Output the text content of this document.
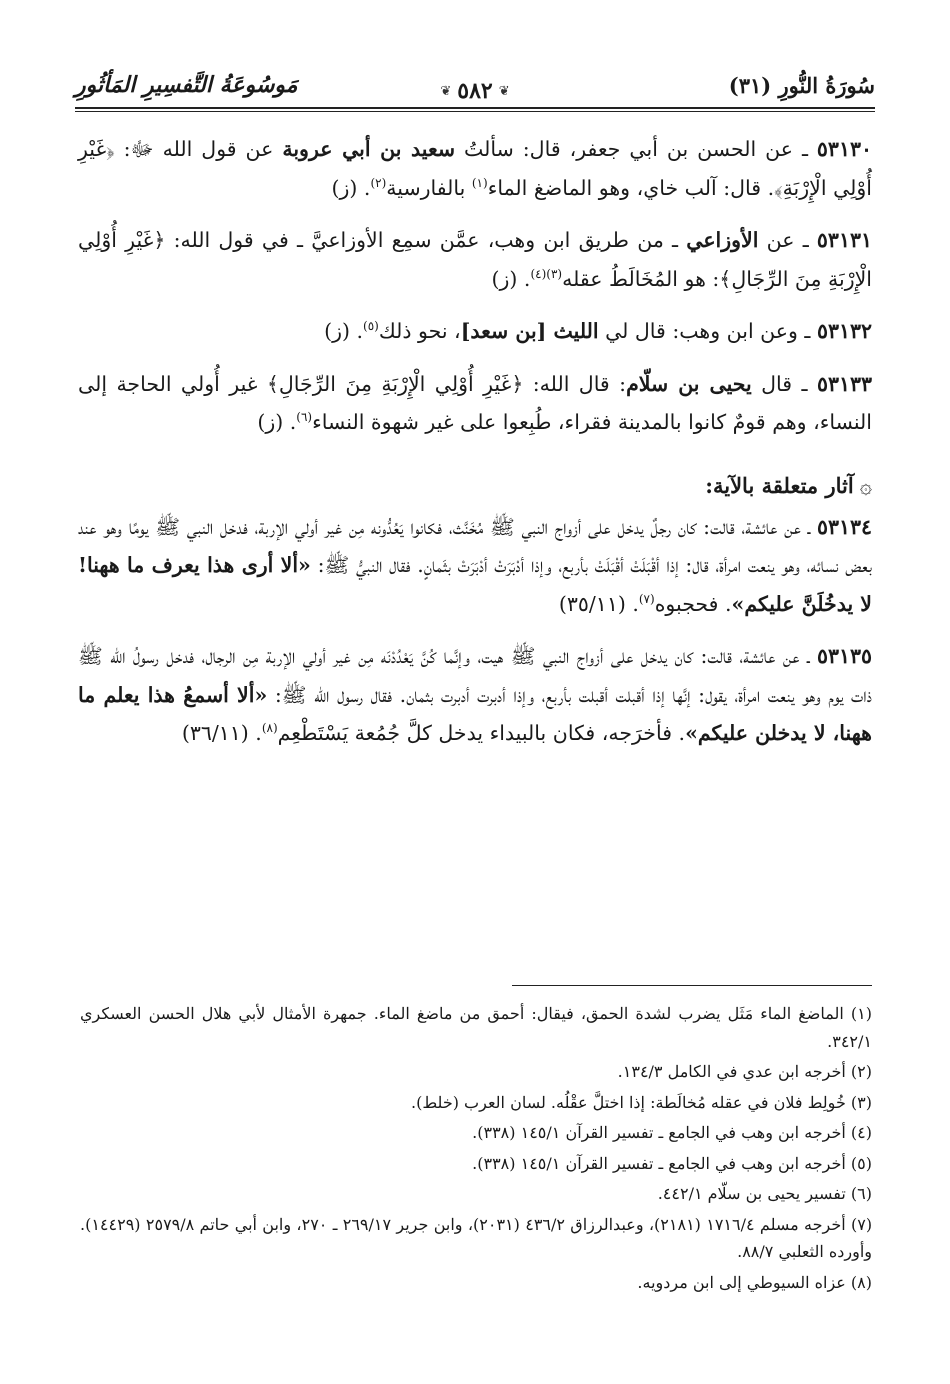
سُورَةُ النُّورِ (٣١)
❦
٥٨٢
❦
مَوسُوعَةُ التَّفسِيرِ المَأثُورِ

٥٣١٣٠ ـ عن الحسن بن أبي جعفر، قال: سألتُ سعيد بن أبي عروبة عن قول الله ﷻ: ﴿غَيْرِ أُوْلِي الْإِرْبَةِ﴾. قال: آلب خاي، وهو الماضغ الماء$^{(١)}$ بالفارسية$^{(٢)}$. (ز)

٥٣١٣١ ـ عن الأوزاعي ـ من طريق ابن وهب، عمَّن سمِع الأوزاعيَّ ـ في قول الله: ﴿غَيْرِ أُوْلِي الْإِرْبَةِ مِنَ الرِّجَالِ﴾: هو المُخَالَطُ عقله$^{(٣)(٤)}$. (ز)

٥٣١٣٢ ـ وعن ابن وهب: قال لي الليث [بن سعد]، نحو ذلك$^{(٥)}$. (ز)

٥٣١٣٣ ـ قال يحيى بن سلّام: قال الله: ﴿غَيْرِ أُوْلِي الْإِرْبَةِ مِنَ الرِّجَالِ﴾ غير أُولي الحاجة إلى النساء، وهم قومٌ كانوا بالمدينة فقراء، طُبِعوا على غير شهوة النساء$^{(٦)}$. (ز)

۞آثار متعلقة بالآية:

٥٣١٣٤ ـ عن عائشة، قالت: كان رجلٌ يدخل على أزواج النبي ﷺ مُخَنَّث، فكانوا يَعُدُّونه مِن غير أولي الإربة، فدخل النبي ﷺ يومًا وهو عند بعض نسائه، وهو ينعت امرأة، قال: إذا أقْبَلَتْ أقْبَلَتْ بأربع، وإذا أدْبَرَتْ أدْبَرَتْ بثَمانٍ. فقال النبيُّ ﷺ: «ألا أرى هذا يعرف ما ههنا! لا يدخُلَنَّ عليكم». فحجبوه$^{(٧)}$. (٣٥/١١)

٥٣١٣٥ ـ عن عائشة، قالت: كان يدخل على أزواج النبي ﷺ هيت، وإنَّما كُنَّ يَعْدُدْنَه مِن غير أولي الإربة مِن الرجال، فدخل رسولُ الله ﷺ ذات يوم وهو ينعت امرأة، يقول: إنَّها إذا أقبلت أقبلت بأربع، وإذا أدبرت أدبرت بثمان. فقال رسول الله ﷺ: «ألا أسمعُ هذا يعلم ما ههنا، لا يدخلن عليكم». فأخرَجه، فكان بالبيداء يدخل كلَّ جُمُعة يَسْتَطْعِم$^{(٨)}$. (٣٦/١١)

(١) الماضغ الماء مَثَل يضرب لشدة الحمق، فيقال: أحمق من ماضغ الماء. جمهرة الأمثال لأبي هلال الحسن العسكري ٣٤٢/١.

(٢) أخرجه ابن عدي في الكامل ١٣٤/٣.

(٣) خُولِط فلان في عقله مُخالَطة: إذا اختلَّ عقْلُه. لسان العرب (خلط).

(٤) أخرجه ابن وهب في الجامع ـ تفسير القرآن ١٤٥/١ (٣٣٨).

(٥) أخرجه ابن وهب في الجامع ـ تفسير القرآن ١٤٥/١ (٣٣٨).

(٦) تفسير يحيى بن سلّام ٤٤٢/١.

(٧) أخرجه مسلم ١٧١٦/٤ (٢١٨١)، وعبدالرزاق ٤٣٦/٢ (٢٠٣١)، وابن جرير ٢٦٩/١٧ ـ ٢٧٠، وابن أبي حاتم ٢٥٧٩/٨ (١٤٤٢٩). وأورده الثعلبي ٨٨/٧.

(٨) عزاه السيوطي إلى ابن مردويه.
